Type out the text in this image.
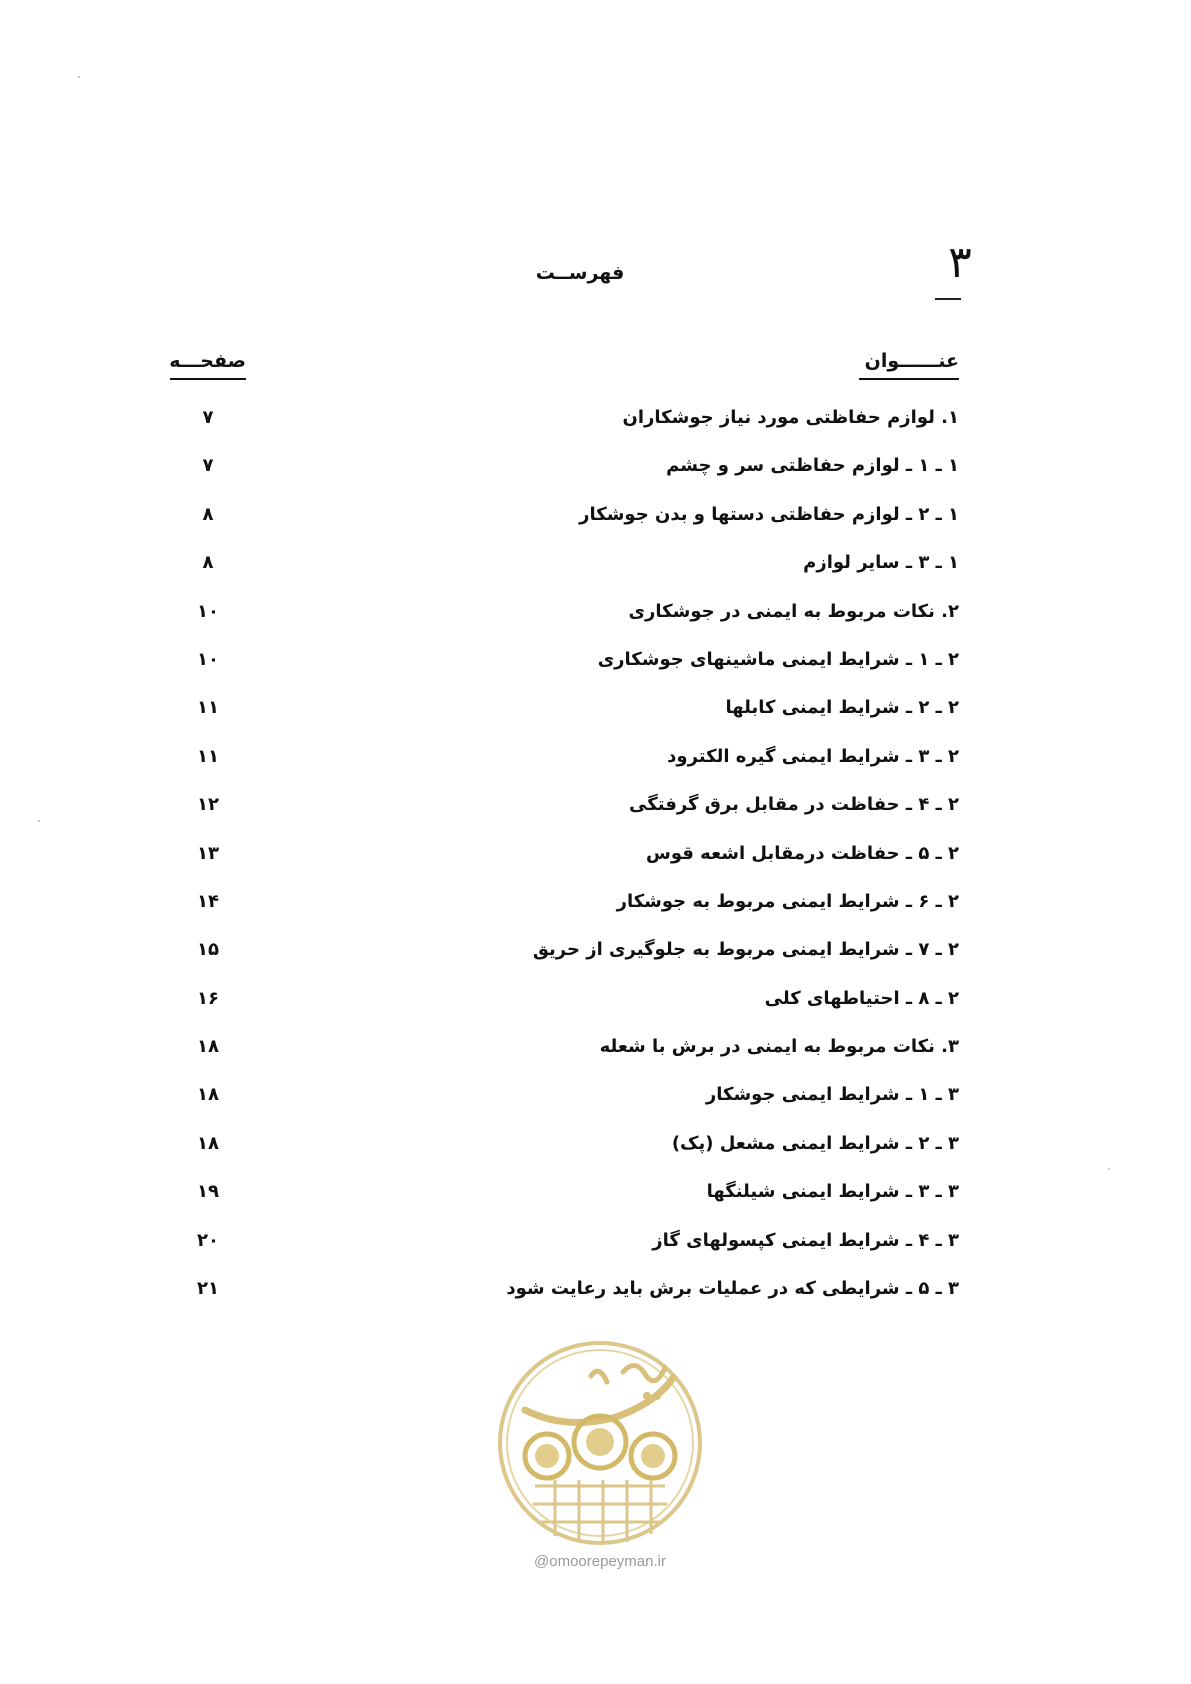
۳
فهرســت
عنــــــوان
صفحـــه
۷	۱. لوازم حفاظتی مورد نیاز جوشکاران
۷	۱ ـ ۱ ـ لوازم حفاظتی سر و چشم
۸	۱ ـ ۲ ـ لوازم حفاظتی دستها و بدن جوشکار
۸	۱ ـ ۳ ـ سایر لوازم
۱۰	۲. نکات مربوط به ایمنی در جوشکاری
۱۰	۲ ـ ۱ ـ شرایط ایمنی ماشینهای جوشکاری
۱۱	۲ ـ ۲ ـ شرایط ایمنی کابلها
۱۱	۲ ـ ۳ ـ شرایط ایمنی گیره الکترود
۱۲	۲ ـ ۴ ـ حفاظت در مقابل برق گرفتگی
۱۳	۲ ـ ۵ ـ حفاظت درمقابل اشعه قوس
۱۴	۲ ـ ۶ ـ شرایط ایمنی مربوط به جوشکار
۱۵	۲ ـ ۷ ـ شرایط ایمنی مربوط به جلوگیری از حریق
۱۶	۲ ـ ۸ ـ احتیاطهای کلی
۱۸	۳. نکات مربوط به ایمنی در برش با شعله
۱۸	۳ ـ ۱ ـ شرایط ایمنی جوشکار
۱۸	۳ ـ ۲ ـ شرایط ایمنی مشعل (پک)
۱۹	۳ ـ ۳ ـ شرایط ایمنی شیلنگها
۲۰	۳ ـ ۴ ـ شرایط ایمنی کپسولهای گاز
۲۱	۳ ـ ۵ ـ شرایطی که در عملیات برش باید رعایت شود
@omoorepeyman.ir
